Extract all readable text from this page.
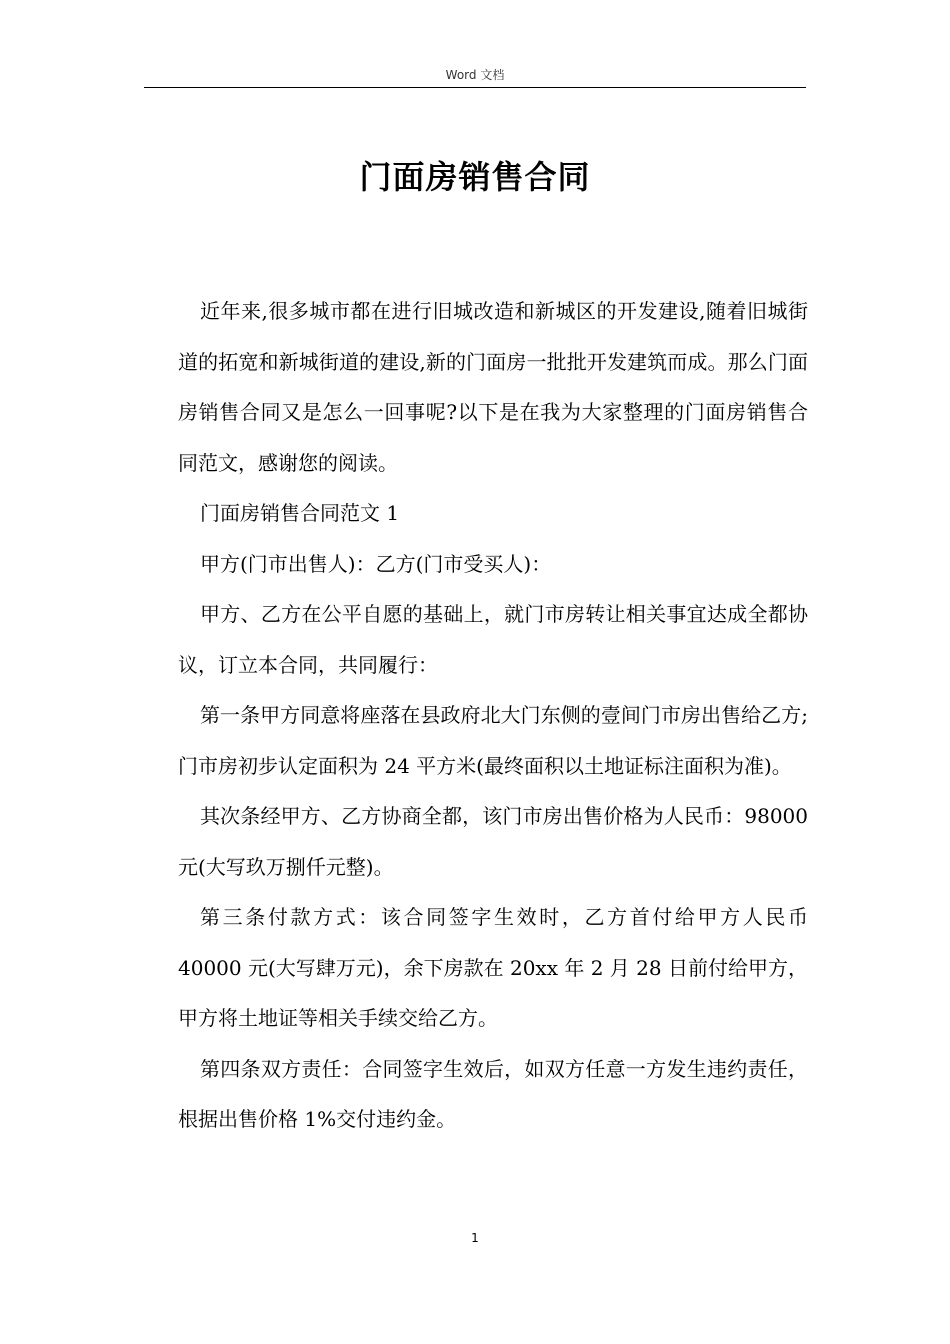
Word 文档
门面房销售合同

近年来,很多城市都在进行旧城改造和新城区的开发建设,随着旧城街道的拓宽和新城街道的建设,新的门面房一批批开发建筑而成。那么门面房销售合同又是怎么一回事呢?以下是在我为大家整理的门面房销售合同范文，感谢您的阅读。

门面房销售合同范文 1

甲方(门市出售人)：乙方(门市受买人)：

甲方、乙方在公平自愿的基础上，就门市房转让相关事宜达成全都协议，订立本合同，共同履行：

第一条甲方同意将座落在县政府北大门东侧的壹间门市房出售给乙方;门市房初步认定面积为 24 平方米(最终面积以土地证标注面积为准)。

其次条经甲方、乙方协商全都，该门市房出售价格为人民币：98000 元(大写玖万捌仟元整)。

第三条付款方式：该合同签字生效时，乙方首付给甲方人民币 40000 元(大写肆万元)，余下房款在 20xx 年 2 月 28 日前付给甲方，甲方将土地证等相关手续交给乙方。

第四条双方责任：合同签字生效后，如双方任意一方发生违约责任，根据出售价格 1%交付违约金。

1
